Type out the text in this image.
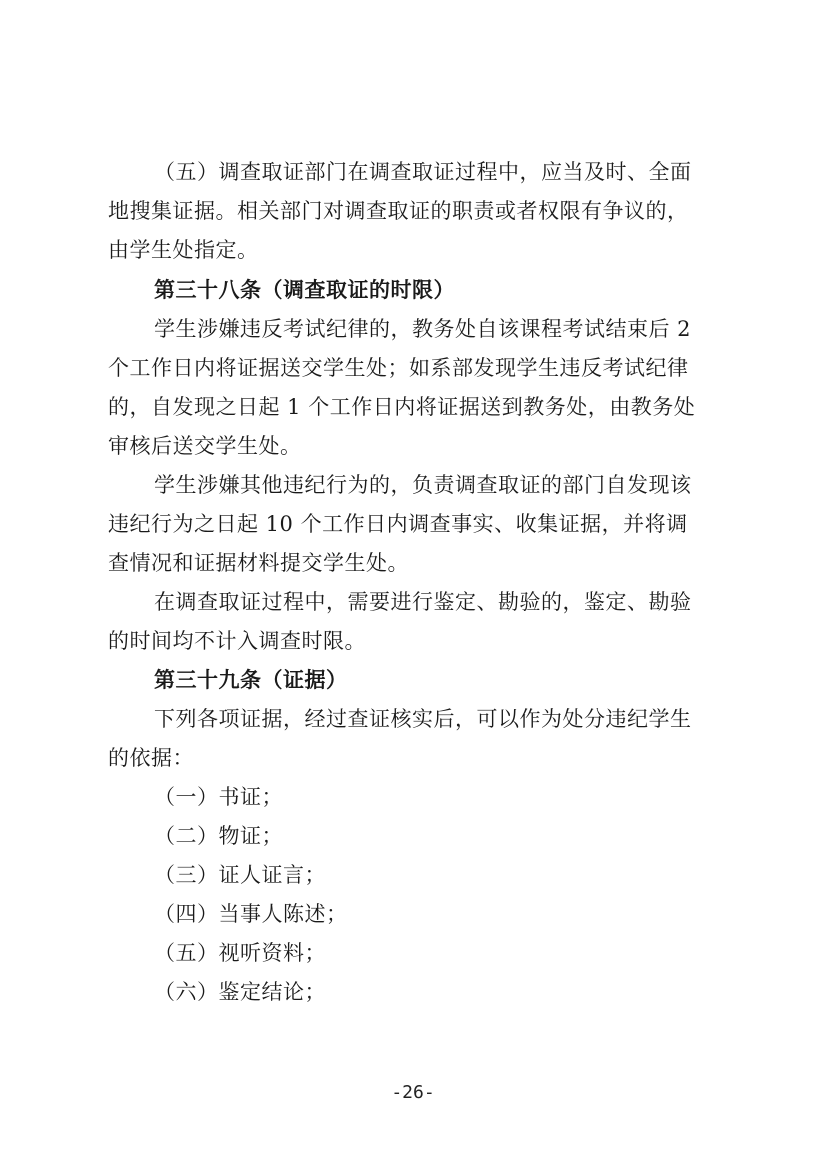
（五）调查取证部门在调查取证过程中，应当及时、全面
地搜集证据。相关部门对调查取证的职责或者权限有争议的，
由学生处指定。
第三十八条（调查取证的时限）
学生涉嫌违反考试纪律的，教务处自该课程考试结束后 2
个工作日内将证据送交学生处；如系部发现学生违反考试纪律
的，自发现之日起 1 个工作日内将证据送到教务处，由教务处
审核后送交学生处。
学生涉嫌其他违纪行为的，负责调查取证的部门自发现该
违纪行为之日起 10 个工作日内调查事实、收集证据，并将调
查情况和证据材料提交学生处。
在调查取证过程中，需要进行鉴定、勘验的，鉴定、勘验
的时间均不计入调查时限。
第三十九条（证据）
下列各项证据，经过查证核实后，可以作为处分违纪学生
的依据：
（一）书证；
（二）物证；
（三）证人证言；
（四）当事人陈述；
（五）视听资料；
（六）鉴定结论；
-26-
